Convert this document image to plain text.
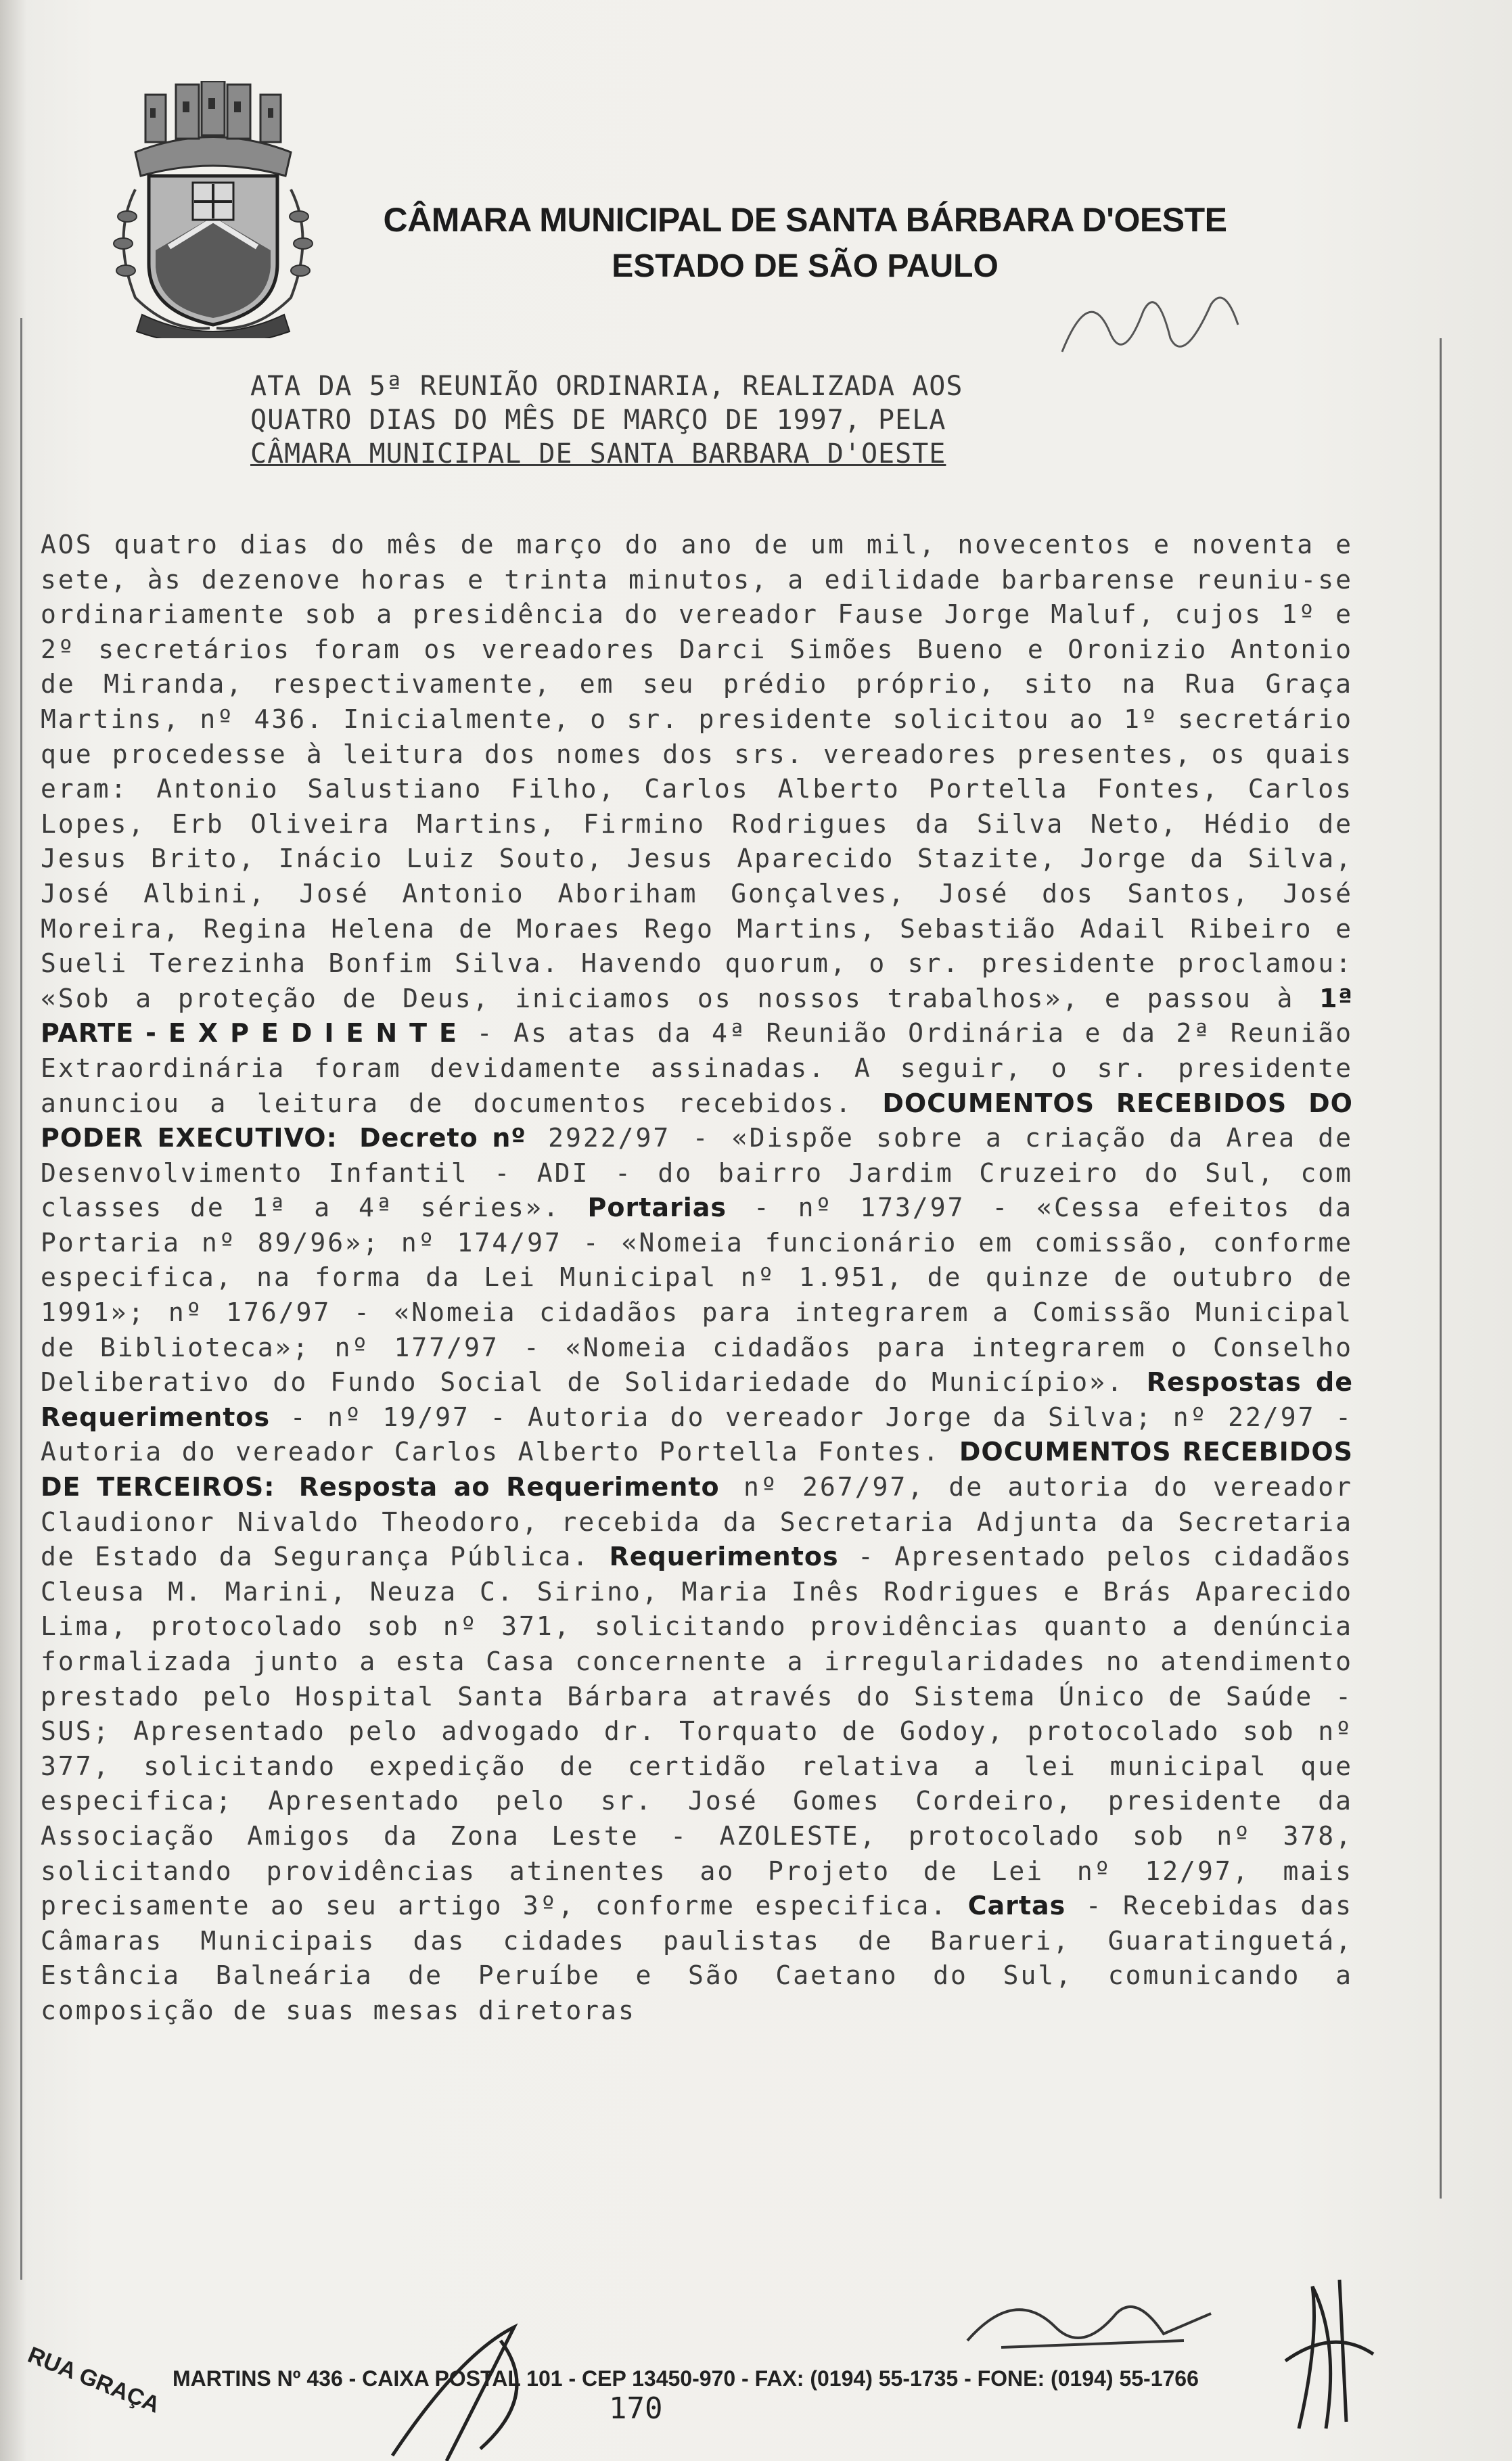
CÂMARA MUNICIPAL DE SANTA BÁRBARA D'OESTE
ESTADO DE SÃO PAULO
ATA DA 5ª REUNIÃO ORDINARIA, REALIZADA AOS
QUATRO DIAS DO MÊS DE MARÇO DE 1997, PELA
CÂMARA MUNICIPAL DE SANTA BARBARA D'OESTE
AOS quatro dias do mês de março do ano de um mil, novecentos e noventa e sete, às dezenove horas e trinta minutos, a edilidade barbarense reuniu-se ordinariamente sob a presidência do vereador Fause Jorge Maluf, cujos 1º e 2º secretários foram os vereadores Darci Simões Bueno e Oronizio Antonio de Miranda, respectivamente, em seu prédio próprio, sito na Rua Graça Martins, nº 436. Inicialmente, o sr. presidente solicitou ao 1º secretário que procedesse à leitura dos nomes dos srs. vereadores presentes, os quais eram: Antonio Salustiano Filho, Carlos Alberto Portella Fontes, Carlos Lopes, Erb Oliveira Martins, Firmino Rodrigues da Silva Neto, Hédio de Jesus Brito, Inácio Luiz Souto, Jesus Aparecido Stazite, Jorge da Silva, José Albini, José Antonio Aboriham Gonçalves, José dos Santos, José Moreira, Regina Helena de Moraes Rego Martins, Sebastião Adail Ribeiro e Sueli Terezinha Bonfim Silva. Havendo quorum, o sr. presidente proclamou: «Sob a proteção de Deus, iniciamos os nossos trabalhos», e passou à 1ª PARTE - E X P E D I E N T E - As atas da 4ª Reunião Ordinária e da 2ª Reunião Extraordinária foram devidamente assinadas. A seguir, o sr. presidente anunciou a leitura de documentos recebidos. DOCUMENTOS RECEBIDOS DO PODER EXECUTIVO: Decreto nº 2922/97 - «Dispõe sobre a criação da Area de Desenvolvimento Infantil - ADI - do bairro Jardim Cruzeiro do Sul, com classes de 1ª a 4ª séries». Portarias - nº 173/97 - «Cessa efeitos da Portaria nº 89/96»; nº 174/97 - «Nomeia funcionário em comissão, conforme especifica, na forma da Lei Municipal nº 1.951, de quinze de outubro de 1991»; nº 176/97 - «Nomeia cidadãos para integrarem a Comissão Municipal de Biblioteca»; nº 177/97 - «Nomeia cidadãos para integrarem o Conselho Deliberativo do Fundo Social de Solidariedade do Município». Respostas de Requerimentos - nº 19/97 - Autoria do vereador Jorge da Silva; nº 22/97 - Autoria do vereador Carlos Alberto Portella Fontes. DOCUMENTOS RECEBIDOS DE TERCEIROS: Resposta ao Requerimento nº 267/97, de autoria do vereador Claudionor Nivaldo Theodoro, recebida da Secretaria Adjunta da Secretaria de Estado da Segurança Pública. Requerimentos - Apresentado pelos cidadãos Cleusa M. Marini, Neuza C. Sirino, Maria Inês Rodrigues e Brás Aparecido Lima, protocolado sob nº 371, solicitando providências quanto a denúncia formalizada junto a esta Casa concernente a irregularidades no atendimento prestado pelo Hospital Santa Bárbara através do Sistema Único de Saúde - SUS; Apresentado pelo advogado dr. Torquato de Godoy, protocolado sob nº 377, solicitando expedição de certidão relativa a lei municipal que especifica; Apresentado pelo sr. José Gomes Cordeiro, presidente da Associação Amigos da Zona Leste - AZOLESTE, protocolado sob nº 378, solicitando providências atinentes ao Projeto de Lei nº 12/97, mais precisamente ao seu artigo 3º, conforme especifica. Cartas - Recebidas das Câmaras Municipais das cidades paulistas de Barueri, Guaratinguetá, Estância Balneária de Peruíbe e São Caetano do Sul, comunicando a composição de suas mesas diretoras
170
RUA GRAÇA MARTINS Nº 436 - CAIXA POSTAL 101 - CEP 13450-970 - FAX: (0194) 55-1735 - FONE: (0194) 55-1766
